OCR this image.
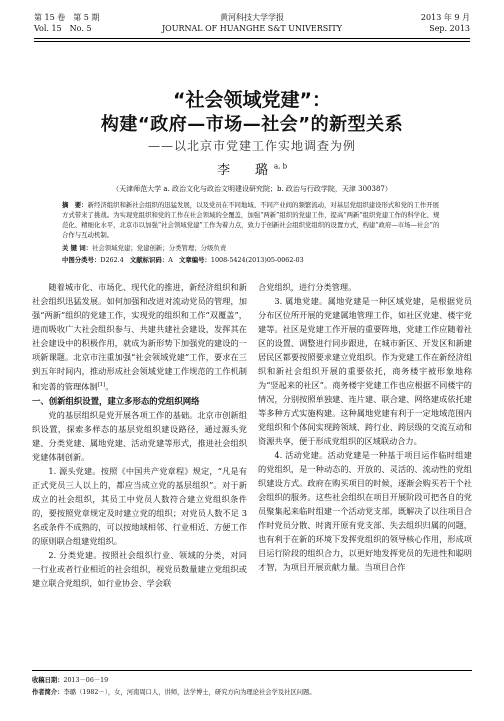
第 15 卷　第 5 期
Vol. 15　No. 5
黄河科技大学学报
JOURNAL OF HUANGHE S&T UNIVERSITY
2013 年 9 月
Sep. 2013
“社会领域党建”：
构建“政府—市场—社会”的新型关系
——以北京市党建工作实地调查为例
李　璐$^{a, b}$
（天津师范大学 a. 政治文化与政治文明建设研究院；b. 政治与行政学院，天津 300387）

摘　要：新经济组织和新社会组织的迅猛发展，以及党员在不同地域、不同产业间的频繁流动，对基层党组织建设形式和党的工作开展方式带来了挑战。为实现党组织和党的工作在社会领域的全覆盖，加强“两新”组织的党建工作，提高“两新”组织党建工作的科学化、规范化、精细化水平，北京市以加强“社会领域党建”工作为着力点，致力于创新社会组织党组织的设置方式，构建“政府—市场—社会”的合作与互动机制。

关 键 词：社会领域党建；党建创新；分类管理；分级负责

中图分类号：D262.4 文献标识码：A 文章编号：1008-5424(2013)05-0062-03

随着城市化、市场化、现代化的推进，新经济组织和新社会组织迅猛发展。如何加强和改进对流动党员的管理，加强“两新”组织的党建工作，实现党的组织和工作“双覆盖”，进而吸收广大社会组织参与、共建共建社会建设，发挥其在社会建设中的积极作用，就成为新形势下加强党的建设的一项新课题。北京市注重加强“社会领域党建”工作，要求在三到五年时间内，推动形成社会领域党建工作规范的工作机制和完善的管理体制[1]。

一、创新组织设置，建立多形态的党组织网络

党的基层组织是党开展各项工作的基础。北京市创新组织设置，探索多样态的基层党组织建设路径，通过源头党建、分类党建、属地党建、活动党建等形式，推进社会组织党建体制创新。

1. 源头党建。按照《中国共产党章程》规定，“凡是有正式党员三人以上的，都应当成立党的基层组织”。对于新成立的社会组织，其员工中党员人数符合建立党组织条件的，要按照党章规定及时建立党的组织；对党员人数不足 3 名或条件不成熟的，可以按地域相邻、行业相近、方便工作的原则联合组建党组织。

2. 分类党建。按照社会组织行业、领域的分类，对同一行业或者行业相近的社会组织，视党员数量建立党组织或建立联合党组织，如行业协会、学会联

合党组织，进行分类管理。

3. 属地党建。属地党建是一种区域党建，是根据党员分布区位所开展的党建属地管理工作，如社区党建、楼宇党建等。社区是党建工作开展的重要阵地，党建工作应随着社区的设置、调整进行同步跟进，在城市新区、开发区和新建居民区都要按照要求建立党组织。作为党建工作在新经济组织和新社会组织开展的重要依托，商务楼宇被形象地称为“竖起来的社区”。商务楼宇党建工作也应根据不同楼宇的情况，分别按照单独建、连片建、联合建、网络建成依托建等多种方式实施构建。这种属地党建有利于一定地域范围内党组织和个体间实现跨领域、跨行业、跨层级的交流互动和资源共享，便于形成党组织的区域联动合力。

4. 活动党建。活动党建是一种基于项目运作临时组建的党组织，是一种动态的、开放的、灵活的、流动性的党组织建设方式。政府在购买项目的时候，逐渐会购买若干个社会组织的服务。这些社会组织在项目开展阶段可把各自的党员聚集起来临时组建一个活动党支部，既解决了以往项目合作时党员分散、时离开原有党支部、失去组织归属的问题，也有利于在新的环境下发挥党组织的领导核心作用，形成项目运行阶段的组织合力，以更好地发挥党员的先进性和聪明才智，为项目开展贡献力量。当项目合作

收稿日期：2013－06－19

作者简介：李璐（1982－），女，河南周口人，讲师，法学博士，研究方向为理论社会学及社区问题。
